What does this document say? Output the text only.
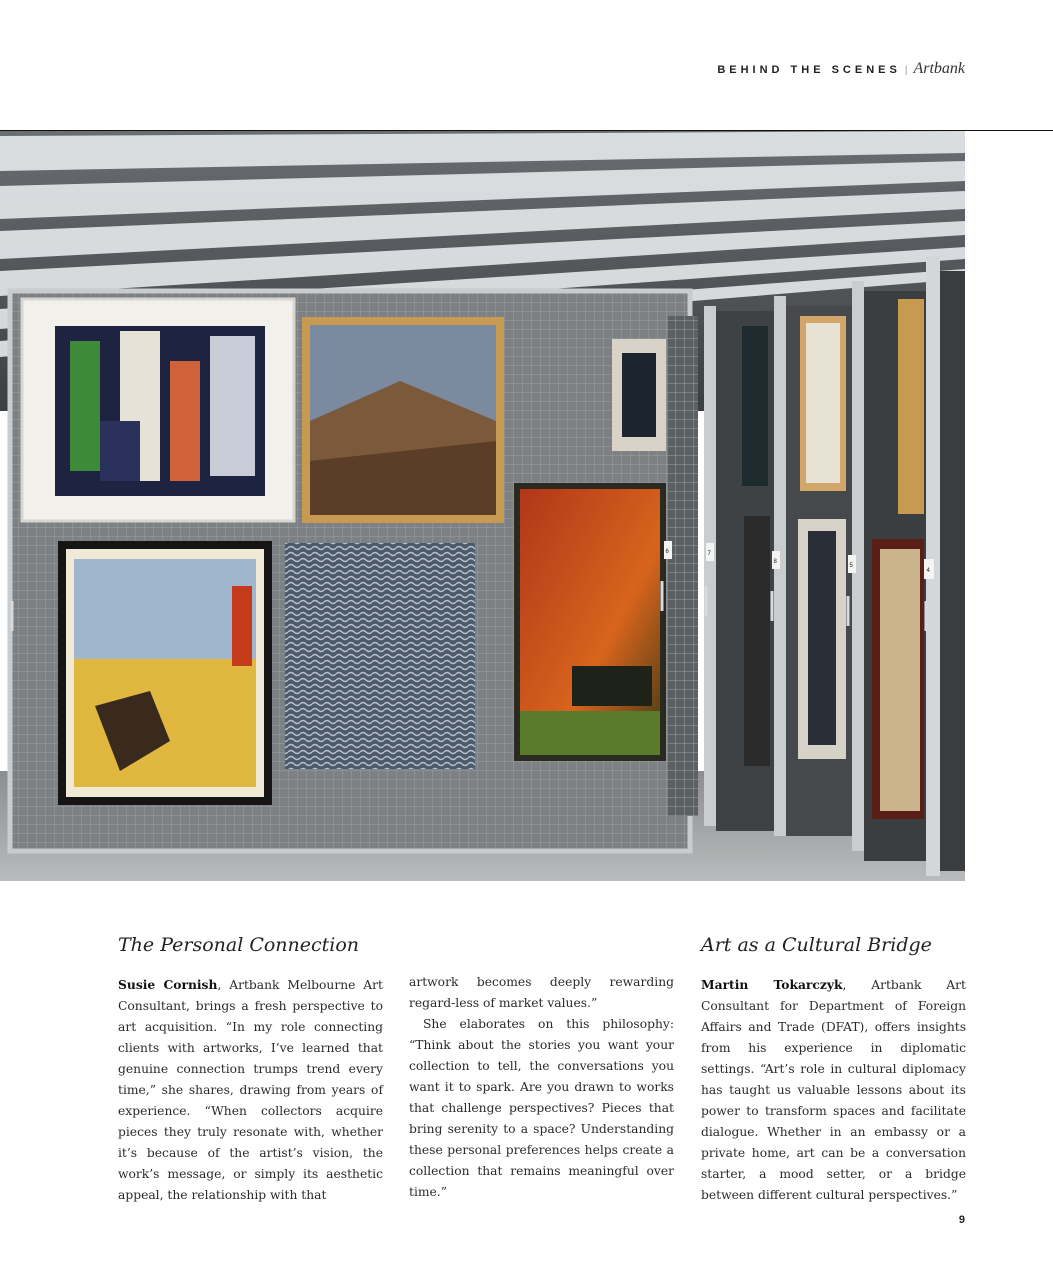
BEHIND THE SCENES | Artbank
6	7
8
5
4
The Personal Connection

Susie Cornish, Artbank Melbourne Art Consultant, brings a fresh perspective to art acquisition. “In my role connecting clients with artworks, I’ve learned that genuine connection trumps trend every time,” she shares, drawing from years of experience. “When collectors acquire pieces they truly resonate with, whether it’s because of the artist’s vision, the work’s message, or simply its aesthetic appeal, the relationship with that

artwork becomes deeply rewarding regard-less of market values.”

She elaborates on this philosophy: “Think about the stories you want your collection to tell, the conversations you want it to spark. Are you drawn to works that challenge perspectives? Pieces that bring serenity to a space? Understanding these personal preferences helps create a collection that remains meaningful over time.”

Art as a Cultural Bridge

Martin Tokarczyk, Artbank Art Consultant for Department of Foreign Affairs and Trade (DFAT), offers insights from his experience in diplomatic settings. “Art’s role in cultural diplomacy has taught us valuable lessons about its power to transform spaces and facilitate dialogue. Whether in an embassy or a private home, art can be a conversation starter, a mood setter, or a bridge between different cultural perspectives.”

9
